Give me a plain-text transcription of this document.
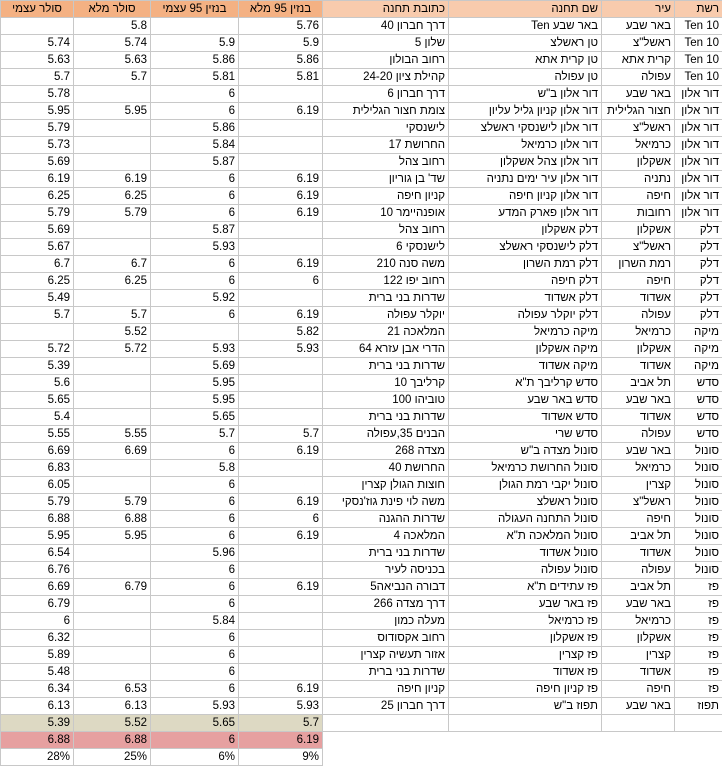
סולר עצמי	סולר מלא	בנזין 95 עצמי	בנזין 95 מלא	כתובת תחנה	שם תחנה	עיר	רשת
	5.8		5.76	דרך חברון 40	באר שבע Ten	באר שבע	Ten 10
5.74	5.74	5.9	5.9	שלון 5	טן ראשלצ	ראשל"צ	Ten 10
5.63	5.63	5.86	5.86	רחוב הבולון	טן קרית אתא	קרית אתא	Ten 10
5.7	5.7	5.81	5.81	קהילת ציון 24-20	טן עפולה	עפולה	Ten 10
5.78		6		דרך חברון 6	דור אלון ב"ש	באר שבע	דור אלון
5.95	5.95	6	6.19	צומת חצור הגלילית	דור אלון קניון גליל עליון	חצור הגלילית	דור אלון
5.79		5.86		לישנסקי	דור אלון לישנסקי ראשלצ	ראשל"צ	דור אלון
5.73		5.84		החרושת 17	דור אלון כרמיאל	כרמיאל	דור אלון
5.69		5.87		רחוב צהל	דור אלון צהל אשקלון	אשקלון	דור אלון
6.19	6.19	6	6.19	שד' בן גוריון	דור אלון עיר ימים נתניה	נתניה	דור אלון
6.25	6.25	6	6.19	קניון חיפה	דור אלון קניון חיפה	חיפה	דור אלון
5.79	5.79	6	6.19	אופנהיימר 10	דור אלון פארק המדע	רחובות	דור אלון
5.69		5.87		רחוב צהל	דלק אשקלון	אשקלון	דלק
5.67		5.93		לישנסקי 6	דלק לישנסקי ראשלצ	ראשל"צ	דלק
6.7	6.7	6	6.19	משה סנה 210	דלק רמת השרון	רמת השרון	דלק
6.25	6.25	6	6	רחוב יפו 122	דלק חיפה	חיפה	דלק
5.49		5.92		שדרות בני ברית	דלק אשדוד	אשדוד	דלק
5.7	5.7	6	6.19	יוקלר עפולה	דלק יוקלר עפולה	עפולה	דלק
	5.52		5.82	המלאכה 21	מיקה כרמיאל	כרמיאל	מיקה
5.72	5.72	5.93	5.93	הדרי אבן עזרא 64	מיקה אשקלון	אשקלון	מיקה
5.39		5.69		שדרות בני ברית	מיקה אשדוד	אשדוד	מיקה
5.6		5.95		קרליבך 10	סדש קרליבך ת"א	תל אביב	סדש
5.65		5.95		טוביהו 100	סדש באר שבע	באר שבע	סדש
5.4		5.65		שדרות בני ברית	סדש אשדוד	אשדוד	סדש
5.55	5.55	5.7	5.7	הבנים 35,עפולה	סדש שרי	עפולה	סדש
6.69	6.69	6	6.19	מצדה 268	סונול מצדה ב"ש	באר שבע	סונול
6.83		5.8		החרושת 40	סונול החרושת כרמיאל	כרמיאל	סונול
6.05		6		חוצות הגולן קצרין	סונול יקבי רמת הגולן	קצרין	סונול
5.79	5.79	6	6.19	משה לוי פינת גוז'נסקי	סונול ראשלצ	ראשל"צ	סונול
6.88	6.88	6	6	שדרות ההגנה	סונול התחנה העגולה	חיפה	סונול
5.95	5.95	6	6.19	המלאכה 4	סונול המלאכה ת"א	תל אביב	סונול
6.54		5.96		שדרות בני ברית	סונול אשדוד	אשדוד	סונול
6.76		6		בכניסה לעיר	סונול עפולה	עפולה	סונול
6.69	6.79	6	6.19	דבורה הנביאה5	פז עתידים ת"א	תל אביב	פז
6.79		6		דרך מצדה 266	פז באר שבע	באר שבע	פז
6		5.84		מעלה כמון	פז כרמיאל	כרמיאל	פז
6.32		6		רחוב אקסודוס	פז אשקלון	אשקלון	פז
5.89		6		אזור תעשיה קצרין	פז קצרין	קצרין	פז
5.48		6		שדרות בני ברית	פז אשדוד	אשדוד	פז
6.34	6.53	6	6.19	קניון חיפה	פז קניון חיפה	חיפה	פז
6.13	6.13	5.93	5.93	דרך חברון 25	תפוז ב"ש	באר שבע	תפוז
5.39	5.52	5.65	5.7				
6.88	6.88	6	6.19				
28%	25%	6%	9%				
